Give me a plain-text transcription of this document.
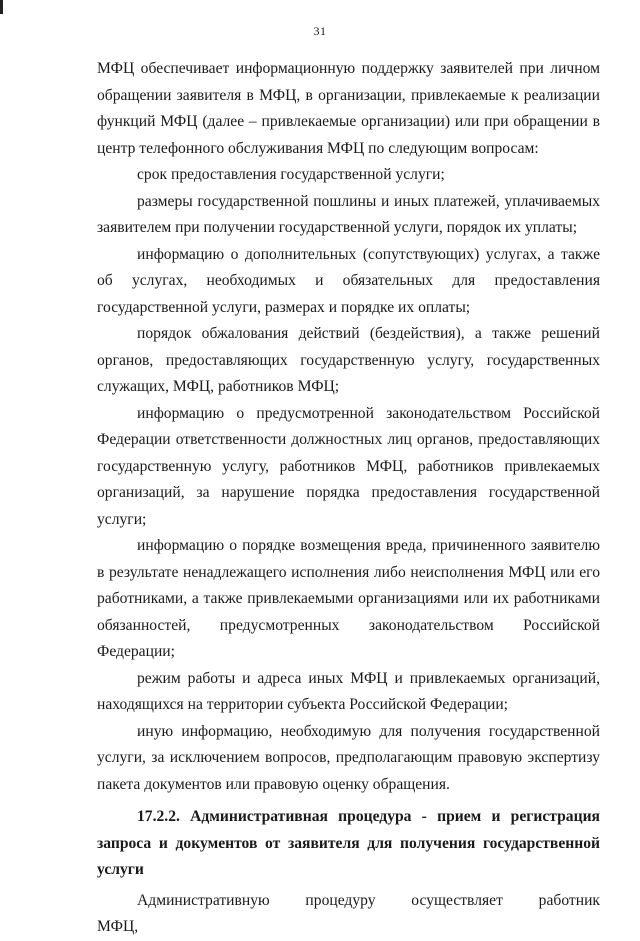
31

МФЦ обеспечивает информационную поддержку заявителей при личном обращении заявителя в МФЦ, в организации, привлекаемые к реализации функций МФЦ (далее – привлекаемые организации) или при обращении в центр телефонного обслуживания МФЦ по следующим вопросам:

срок предоставления государственной услуги;

размеры государственной пошлины и иных платежей, уплачиваемых заявителем при получении государственной услуги, порядок их уплаты;

информацию о дополнительных (сопутствующих) услугах, а также об услугах, необходимых и обязательных для предоставления государственной услуги, размерах и порядке их оплаты;

порядок обжалования действий (бездействия), а также решений органов, предоставляющих государственную услугу, государственных служащих, МФЦ, работников МФЦ;

информацию о предусмотренной законодательством Российской Федерации ответственности должностных лиц органов, предоставляющих государственную услугу, работников МФЦ, работников привлекаемых организаций, за нарушение порядка предоставления государственной услуги;

информацию о порядке возмещения вреда, причиненного заявителю в результате ненадлежащего исполнения либо неисполнения МФЦ или его работниками, а также привлекаемыми организациями или их работниками обязанностей, предусмотренных законодательством Российской Федерации;

режим работы и адреса иных МФЦ и привлекаемых организаций, находящихся на территории субъекта Российской Федерации;

иную информацию, необходимую для получения государственной услуги, за исключением вопросов, предполагающим правовую экспертизу пакета документов или правовую оценку обращения.

17.2.2. Административная процедура - прием и регистрация запроса и документов от заявителя для получения государственной услуги

Административную процедуру осуществляет работник МФЦ,
